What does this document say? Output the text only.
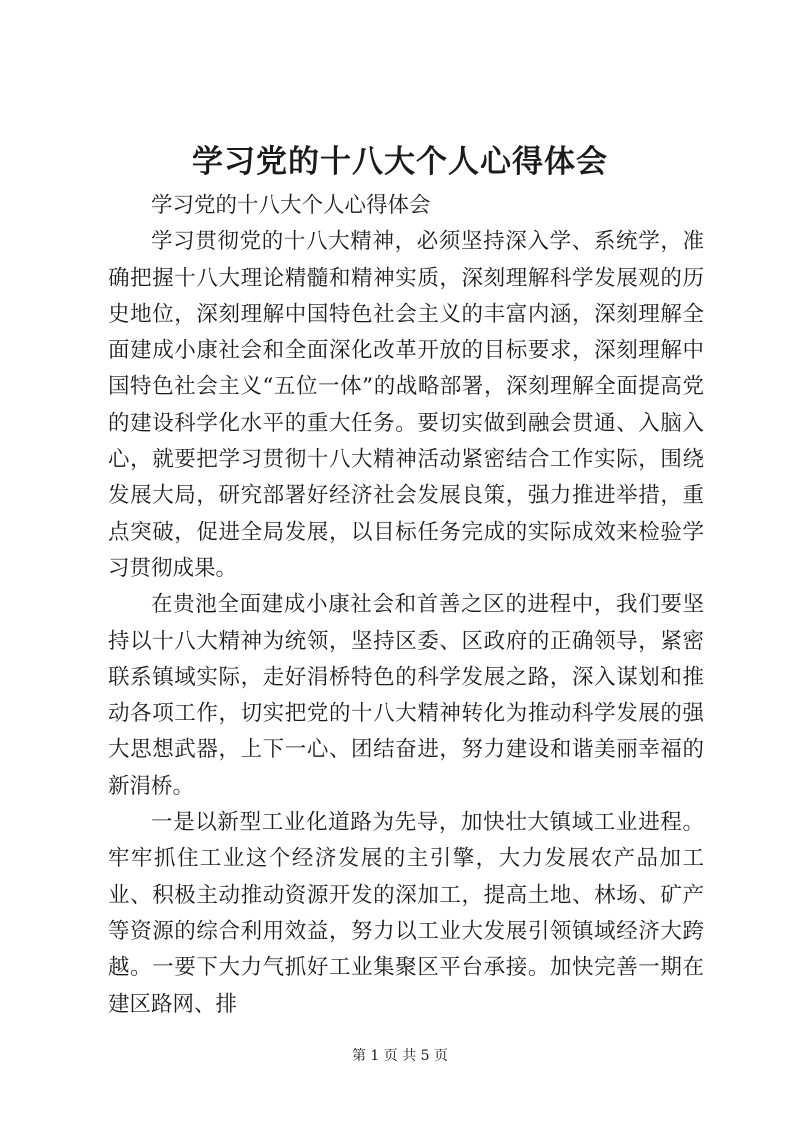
学习党的十八大个人心得体会

学习党的十八大个人心得体会

学习贯彻党的十八大精神，必须坚持深入学、系统学，准确把握十八大理论精髓和精神实质，深刻理解科学发展观的历史地位，深刻理解中国特色社会主义的丰富内涵，深刻理解全面建成小康社会和全面深化改革开放的目标要求，深刻理解中国特色社会主义“五位一体”的战略部署，深刻理解全面提高党的建设科学化水平的重大任务。要切实做到融会贯通、入脑入心，就要把学习贯彻十八大精神活动紧密结合工作实际，围绕发展大局，研究部署好经济社会发展良策，强力推进举措，重点突破，促进全局发展，以目标任务完成的实际成效来检验学习贯彻成果。

在贵池全面建成小康社会和首善之区的进程中，我们要坚持以十八大精神为统领，坚持区委、区政府的正确领导，紧密联系镇域实际，走好涓桥特色的科学发展之路，深入谋划和推动各项工作，切实把党的十八大精神转化为推动科学发展的强大思想武器，上下一心、团结奋进，努力建设和谐美丽幸福的新涓桥。

一是以新型工业化道路为先导，加快壮大镇域工业进程。牢牢抓住工业这个经济发展的主引擎，大力发展农产品加工业、积极主动推动资源开发的深加工，提高土地、林场、矿产等资源的综合利用效益，努力以工业大发展引领镇域经济大跨越。一要下大力气抓好工业集聚区平台承接。加快完善一期在建区路网、排

第 1 页 共 5 页
